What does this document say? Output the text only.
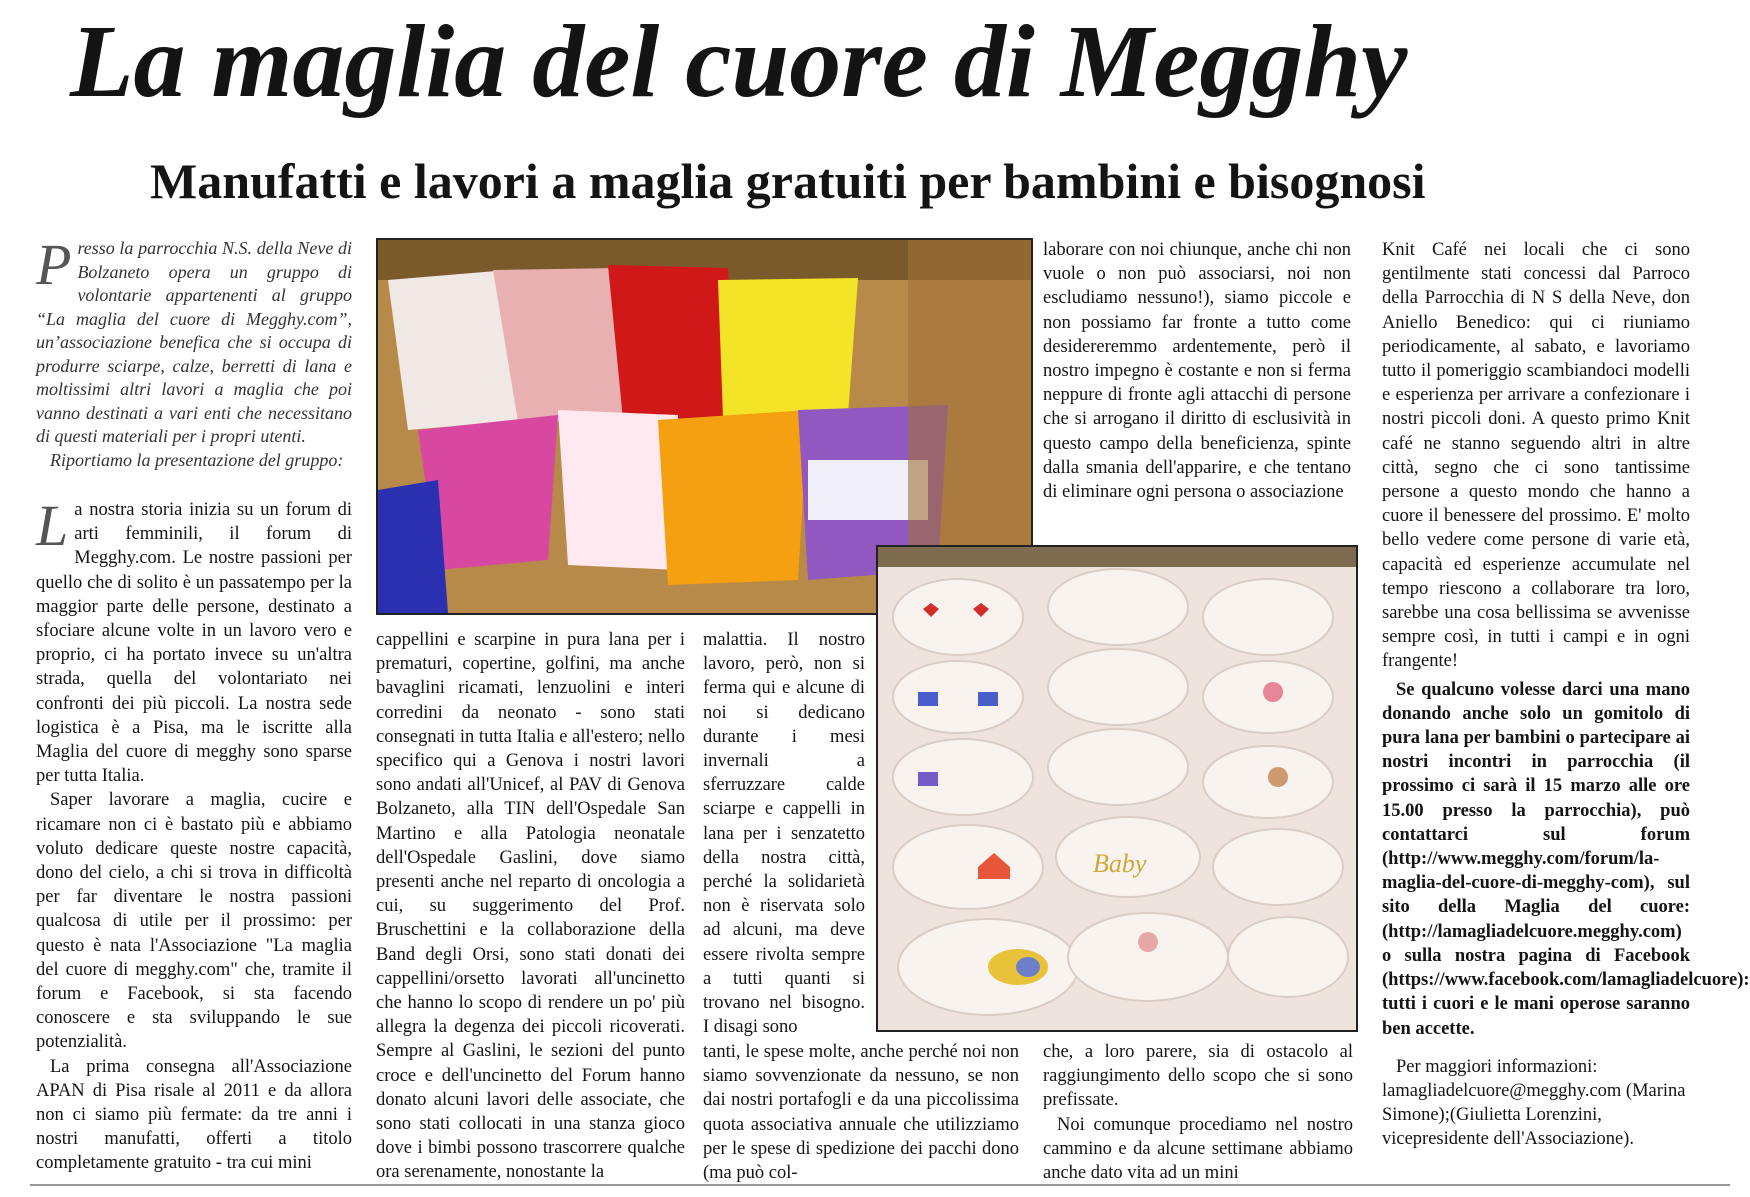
La maglia del cuore di Megghy
Manufatti e lavori a maglia gratuiti per bambini e bisognosi

Presso la parrocchia N.S. della Neve di Bolzaneto opera un gruppo di volontarie appartenenti al gruppo “La maglia del cuore di Megghy.com”, un’associazione benefica che si occupa di produrre sciarpe, calze, berretti di lana e moltissimi altri lavori a maglia che poi vanno destinati a vari enti che necessitano di questi materiali per i propri utenti.

Riportiamo la presentazione del gruppo:

La nostra storia inizia su un forum di arti femminili, il forum di Megghy.com. Le nostre passioni per quello che di solito è un passatempo per la maggior parte delle persone, destinato a sfociare alcune volte in un lavoro vero e proprio, ci ha portato invece su un'altra strada, quella del volontariato nei confronti dei più piccoli. La nostra sede logistica è a Pisa, ma le iscritte alla Maglia del cuore di megghy sono sparse per tutta Italia.

Saper lavorare a maglia, cucire e ricamare non ci è bastato più e abbiamo voluto dedicare queste nostre capacità, dono del cielo, a chi si trova in difficoltà per far diventare le nostra passioni qualcosa di utile per il prossimo: per questo è nata l'Associazione "La maglia del cuore di megghy.com" che, tramite il forum e Facebook, si sta facendo conoscere e sta sviluppando le sue potenzialità.

La prima consegna all'Associazione APAN di Pisa risale al 2011 e da allora non ci siamo più fermate: da tre anni i nostri manufatti, offerti a titolo completamente gratuito - tra cui mini

cappellini e scarpine in pura lana per i prematuri, copertine, golfini, ma anche bavaglini ricamati, lenzuolini e interi corredini da neonato - sono stati consegnati in tutta Italia e all'estero; nello specifico qui a Genova i nostri lavori sono andati all'Unicef, al PAV di Genova Bolzaneto, alla TIN dell'Ospedale San Martino e alla Patologia neonatale dell'Ospedale Gaslini, dove siamo presenti anche nel reparto di oncologia a cui, su suggerimento del Prof. Bruschettini e la collaborazione della Band degli Orsi, sono stati donati dei cappellini/orsetto lavorati all'uncinetto che hanno lo scopo di rendere un po' più allegra la degenza dei piccoli ricoverati. Sempre al Gaslini, le sezioni del punto croce e dell'uncinetto del Forum hanno donato alcuni lavori delle associate, che sono stati collocati in una stanza gioco dove i bimbi possono trascorrere qualche ora serenamente, nonostante la

malattia. Il nostro lavoro, però, non si ferma qui e alcune di noi si dedicano durante i mesi invernali a sferruzzare calde sciarpe e cappelli in lana per i senzatetto della nostra città, perché la solidarietà non è riservata solo ad alcuni, ma deve essere rivolta sempre a tutti quanti si trovano nel bisogno. I disagi sono

tanti, le spese molte, anche perché noi non siamo sovvenzionate da nessuno, se non dai nostri portafogli e da una piccolissima quota associativa annuale che utilizziamo per le spese di spedizione dei pacchi dono (ma può col-

laborare con noi chiunque, anche chi non vuole o non può associarsi, noi non escludiamo nessuno!), siamo piccole e non possiamo far fronte a tutto come desidereremmo ardentemente, però il nostro impegno è costante e non si ferma neppure di fronte agli attacchi di persone che si arrogano il diritto di esclusività in questo campo della beneficienza, spinte dalla smania dell'apparire, e che tentano di eliminare ogni persona o associazione

Baby

che, a loro parere, sia di ostacolo al raggiungimento dello scopo che si sono prefissate.

Noi comunque procediamo nel nostro cammino e da alcune settimane abbiamo anche dato vita ad un mini

Knit Café nei locali che ci sono gentilmente stati concessi dal Parroco della Parrocchia di N S della Neve, don Aniello Benedico: qui ci riuniamo periodicamente, al sabato, e lavoriamo tutto il pomeriggio scambiandoci modelli e esperienza per arrivare a confezionare i nostri piccoli doni. A questo primo Knit café ne stanno seguendo altri in altre città, segno che ci sono tantissime persone a questo mondo che hanno a cuore il benessere del prossimo. E' molto bello vedere come persone di varie età, capacità ed esperienze accumulate nel tempo riescono a collaborare tra loro, sarebbe una cosa bellissima se avvenisse sempre così, in tutti i campi e in ogni frangente!

Se qualcuno volesse darci una mano donando anche solo un gomitolo di pura lana per bambini o partecipare ai nostri incontri in parrocchia (il prossimo ci sarà il 15 marzo alle ore 15.00 presso la parrocchia), può contattarci sul forum (http://www.megghy.com/forum/la-maglia-del-cuore-di-megghy-com), sul sito della Maglia del cuore:(http://lamagliadelcuore.megghy.com) o sulla nostra pagina di Facebook (https://www.facebook.com/lamagliadelcuore): tutti i cuori e le mani operose saranno ben accette.

Per maggiori informazioni: lamagliadelcuore@megghy.com (Marina Simone);(Giulietta Lorenzini, vicepresidente dell'Associazione).
